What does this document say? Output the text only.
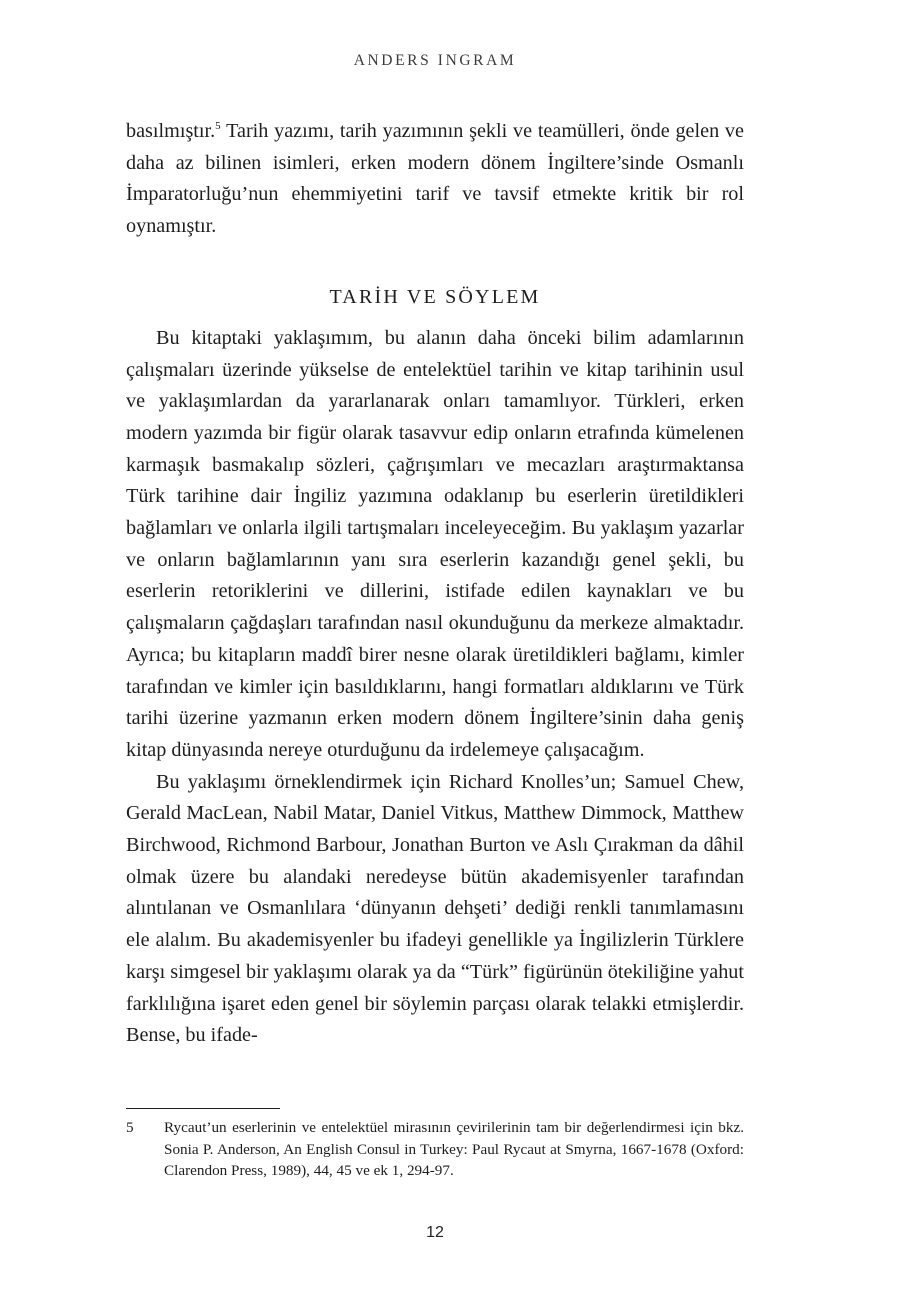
ANDERS INGRAM

basılmıştır.$^5$ Tarih yazımı, tarih yazımının şekli ve teamülleri, önde gelen ve daha az bilinen isimleri, erken modern dönem İngiltere’sinde Osmanlı İmparatorluğu’nun ehemmiyetini tarif ve tavsif etmekte kritik bir rol oynamıştır.

TARİH VE SÖYLEM

Bu kitaptaki yaklaşımım, bu alanın daha önceki bilim adamlarının çalışmaları üzerinde yükselse de entelektüel tarihin ve kitap tarihinin usul ve yaklaşımlardan da yararlanarak onları tamamlıyor. Türkleri, erken modern yazımda bir figür olarak tasavvur edip onların etrafında kümelenen karmaşık basmakalıp sözleri, çağrışımları ve mecazları araştırmaktansa Türk tarihine dair İngiliz yazımına odaklanıp bu eserlerin üretildikleri bağlamları ve onlarla ilgili tartışmaları inceleyeceğim. Bu yaklaşım yazarlar ve onların bağlamlarının yanı sıra eserlerin kazandığı genel şekli, bu eserlerin retoriklerini ve dillerini, istifade edilen kaynakları ve bu çalışmaların çağdaşları tarafından nasıl okunduğunu da merkeze almaktadır. Ayrıca; bu kitapların maddî birer nesne olarak üretildikleri bağlamı, kimler tarafından ve kimler için basıldıklarını, hangi formatları aldıklarını ve Türk tarihi üzerine yazmanın erken modern dönem İngiltere’sinin daha geniş kitap dünyasında nereye oturduğunu da irdelemeye çalışacağım.

Bu yaklaşımı örneklendirmek için Richard Knolles’un; Samuel Chew, Gerald MacLean, Nabil Matar, Daniel Vitkus, Matthew Dimmock, Matthew Birchwood, Richmond Barbour, Jonathan Burton ve Aslı Çırakman da dâhil olmak üzere bu alandaki neredeyse bütün akademisyenler tarafından alıntılanan ve Osmanlılara ‘dünyanın dehşeti’ dediği renkli tanımlamasını ele alalım. Bu akademisyenler bu ifadeyi genellikle ya İngilizlerin Türklere karşı simgesel bir yaklaşımı olarak ya da “Türk” figürünün ötekiliğine yahut farklılığına işaret eden genel bir söylemin parçası olarak telakki etmişlerdir. Bense, bu ifade-

5	Rycaut’un eserlerinin ve entelektüel mirasının çevirilerinin tam bir değerlendirmesi için bkz. Sonia P. Anderson, An English Consul in Turkey: Paul Rycaut at Smyrna, 1667-1678 (Oxford: Clarendon Press, 1989), 44, 45 ve ek 1, 294-97.
12
